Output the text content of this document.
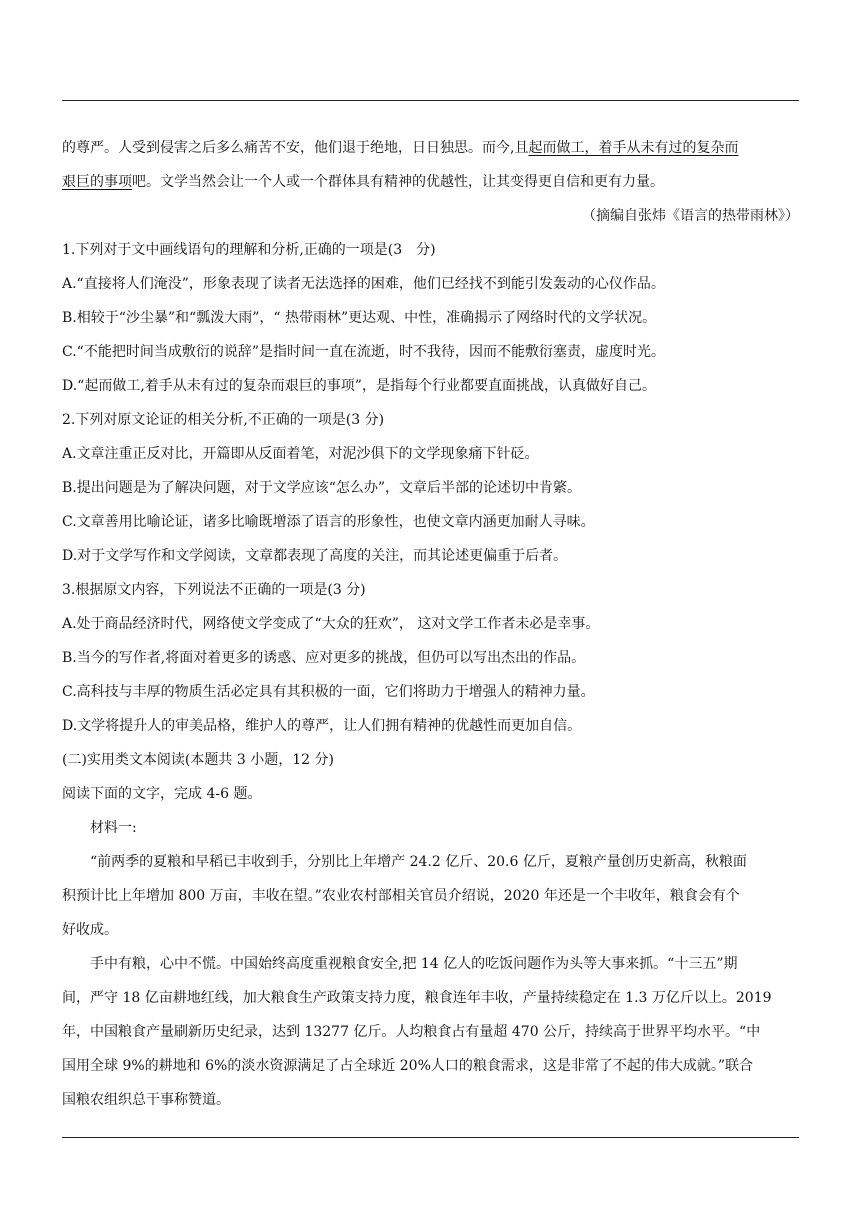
的尊严。人受到侵害之后多么痛苦不安，他们退于绝地，日日独思。而今,且起而做工，着手从未有过的复杂而
艰巨的事项吧。文学当然会让一个人或一个群体具有精神的优越性，让其变得更自信和更有力量。
（摘编自张炜《语言的热带雨林》）
1.下列对于文中画线语句的理解和分析,正确的一项是(3　分)
A.“直接将人们淹没”，形象表现了读者无法选择的困难，他们已经找不到能引发轰动的心仪作品。
B.相较于“沙尘暴”和“瓢泼大雨”，“ 热带雨林”更达观、中性，准确揭示了网络时代的文学状况。
C.“不能把时间当成敷衍的说辞”是指时间一直在流逝，时不我待，因而不能敷衍塞责，虚度时光。
D.“起而做工,着手从未有过的复杂而艰巨的事项”，是指每个行业都要直面挑战，认真做好自己。
2.下列对原文论证的相关分析,不正确的一项是(3 分)
A.文章注重正反对比，开篇即从反面着笔，对泥沙俱下的文学现象痛下针砭。
B.提出问题是为了解决问题，对于文学应该“怎么办”，文章后半部的论述切中肯綮。
C.文章善用比喻论证，诸多比喻既增添了语言的形象性，也使文章内涵更加耐人寻味。
D.对于文学写作和文学阅读，文章都表现了高度的关注，而其论述更偏重于后者。
3.根据原文内容，下列说法不正确的一项是(3 分)
A.处于商品经济时代，网络使文学变成了“大众的狂欢”， 这对文学工作者未必是幸事。
B.当今的写作者,将面对着更多的诱惑、应对更多的挑战，但仍可以写出杰出的作品。
C.高科技与丰厚的物质生活必定具有其积极的一面，它们将助力于增强人的精神力量。
D.文学将提升人的审美品格，维护人的尊严，让人们拥有精神的优越性而更加自信。
(二)实用类文本阅读(本题共 3 小题，12 分)
阅读下面的文字，完成 4-6 题。
材料一:
“前两季的夏粮和早稻已丰收到手，分别比上年增产 24.2 亿斤、20.6 亿斤，夏粮产量创历史新高，秋粮面
积预计比上年增加 800 万亩，丰收在望。”农业农村部相关官员介绍说，2020 年还是一个丰收年，粮食会有个
好收成。
手中有粮，心中不慌。中国始终高度重视粮食安全,把 14 亿人的吃饭问题作为头等大事来抓。“十三五”期
间，严守 18 亿亩耕地红线，加大粮食生产政策支持力度，粮食连年丰收，产量持续稳定在 1.3 万亿斤以上。2019
年，中国粮食产量刷新历史纪录，达到 13277 亿斤。人均粮食占有量超 470 公斤，持续高于世界平均水平。“中
国用全球 9%的耕地和 6%的淡水资源满足了占全球近 20%人口的粮食需求，这是非常了不起的伟大成就。”联合
国粮农组织总干事称赞道。
